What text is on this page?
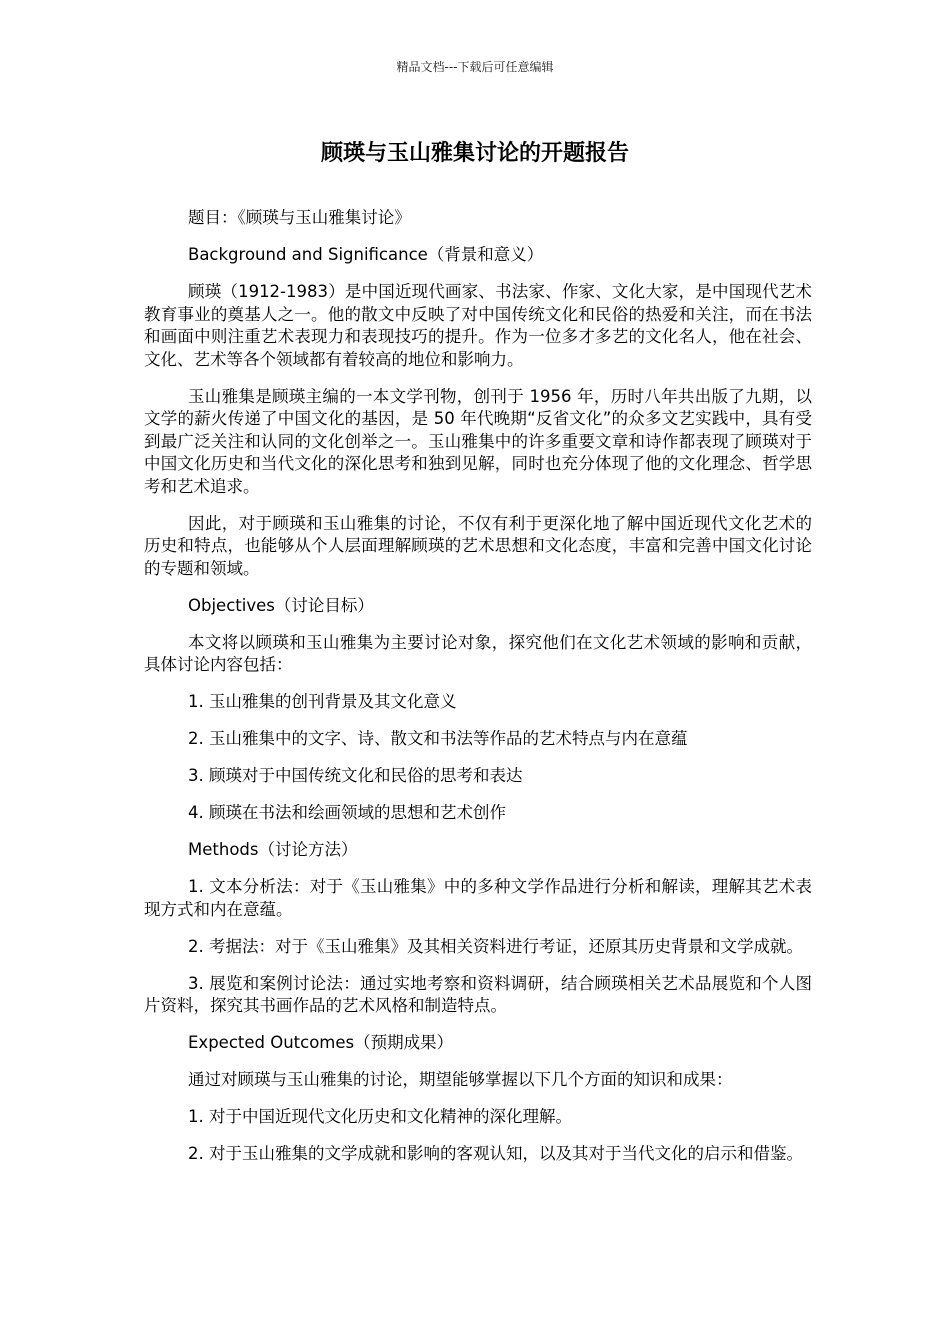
精品文档---下载后可任意编辑
顾瑛与玉山雅集讨论的开题报告

题目：《顾瑛与玉山雅集讨论》

Background and Significance（背景和意义）

顾瑛（1912-1983）是中国近现代画家、书法家、作家、文化大家，是中国现代艺术教育事业的奠基人之一。他的散文中反映了对中国传统文化和民俗的热爱和关注，而在书法和画面中则注重艺术表现力和表现技巧的提升。作为一位多才多艺的文化名人，他在社会、文化、艺术等各个领域都有着较高的地位和影响力。

玉山雅集是顾瑛主编的一本文学刊物，创刊于 1956 年，历时八年共出版了九期，以文学的薪火传递了中国文化的基因，是 50 年代晚期“反省文化”的众多文艺实践中，具有受到最广泛关注和认同的文化创举之一。玉山雅集中的许多重要文章和诗作都表现了顾瑛对于中国文化历史和当代文化的深化思考和独到见解，同时也充分体现了他的文化理念、哲学思考和艺术追求。

因此，对于顾瑛和玉山雅集的讨论，不仅有利于更深化地了解中国近现代文化艺术的历史和特点，也能够从个人层面理解顾瑛的艺术思想和文化态度，丰富和完善中国文化讨论的专题和领域。

Objectives（讨论目标）

本文将以顾瑛和玉山雅集为主要讨论对象，探究他们在文化艺术领域的影响和贡献，具体讨论内容包括：

1. 玉山雅集的创刊背景及其文化意义

2. 玉山雅集中的文字、诗、散文和书法等作品的艺术特点与内在意蕴

3. 顾瑛对于中国传统文化和民俗的思考和表达

4. 顾瑛在书法和绘画领域的思想和艺术创作

Methods（讨论方法）

1. 文本分析法：对于《玉山雅集》中的多种文学作品进行分析和解读，理解其艺术表现方式和内在意蕴。

2. 考据法：对于《玉山雅集》及其相关资料进行考证，还原其历史背景和文学成就。

3. 展览和案例讨论法：通过实地考察和资料调研，结合顾瑛相关艺术品展览和个人图片资料，探究其书画作品的艺术风格和制造特点。

Expected Outcomes（预期成果）

通过对顾瑛与玉山雅集的讨论，期望能够掌握以下几个方面的知识和成果：

1. 对于中国近现代文化历史和文化精神的深化理解。

2. 对于玉山雅集的文学成就和影响的客观认知，以及其对于当代文化的启示和借鉴。
